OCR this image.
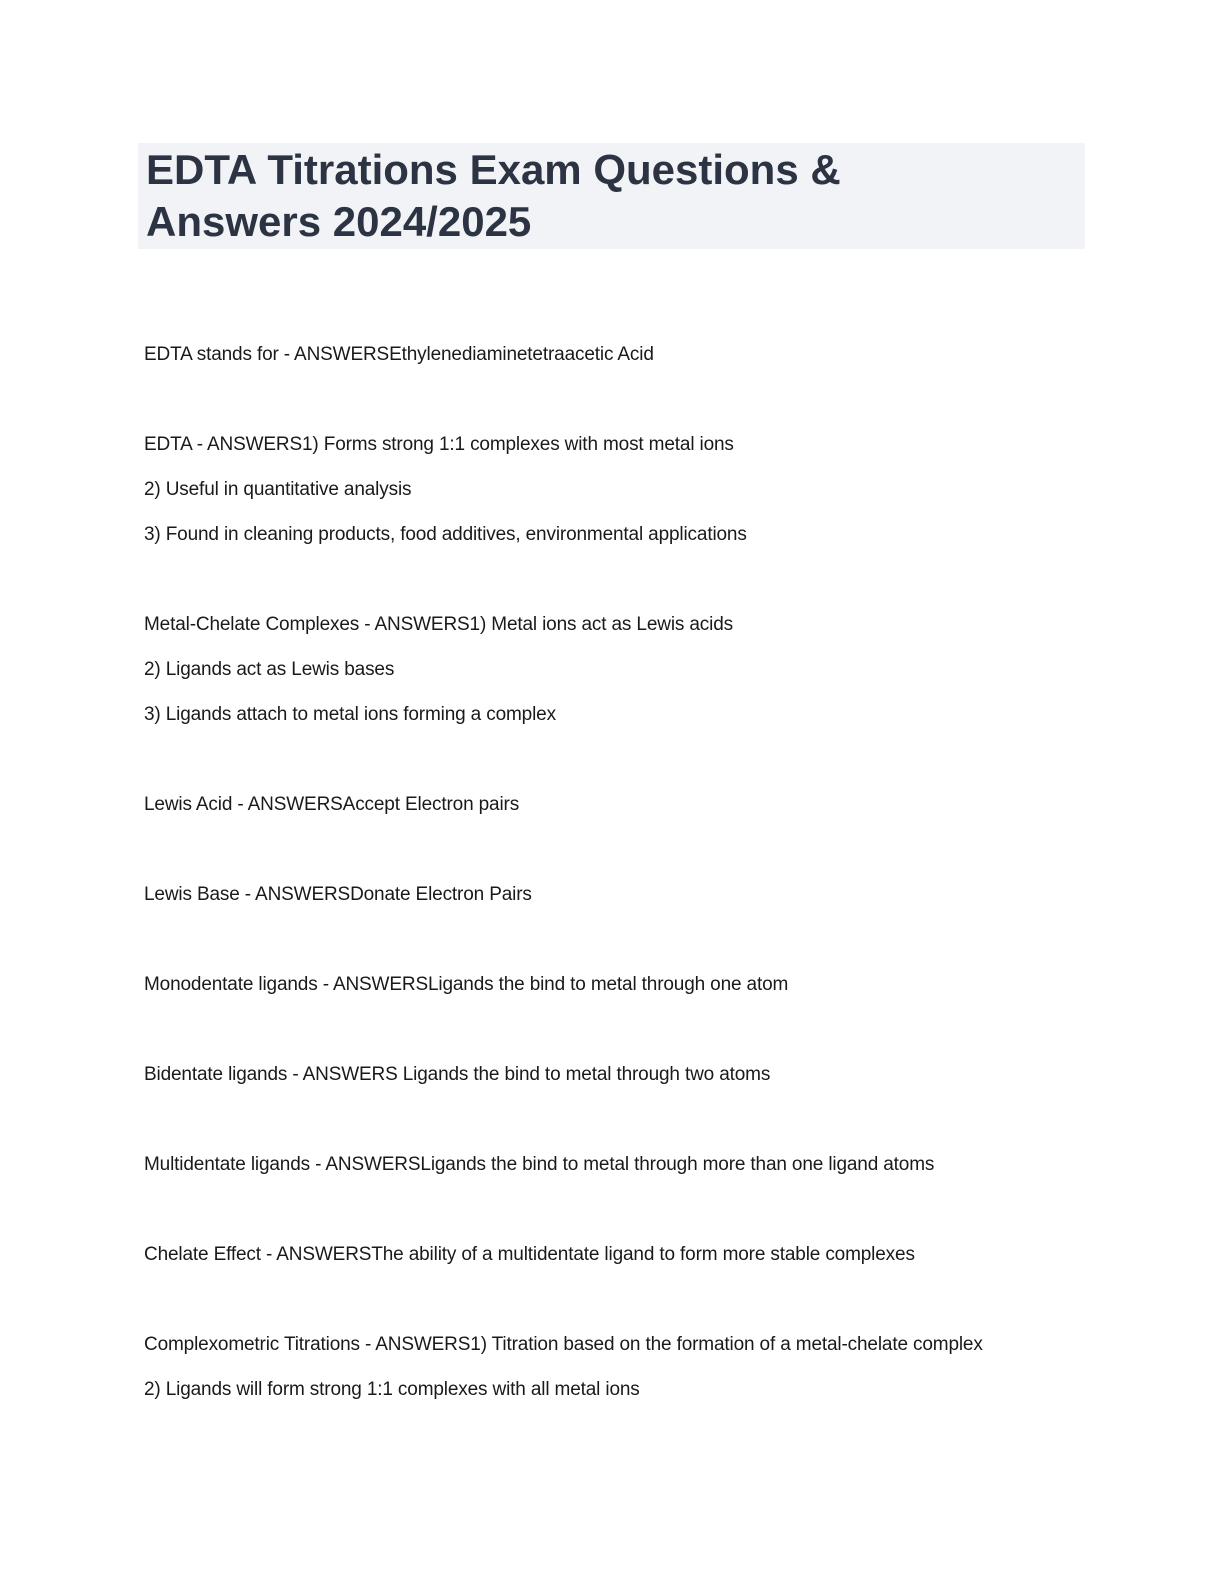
EDTA Titrations Exam Questions & Answers 2024/2025
EDTA stands for - ANSWERSEthylenediaminetetraacetic Acid
EDTA - ANSWERS1) Forms strong 1:1 complexes with most metal ions
2) Useful in quantitative analysis
3) Found in cleaning products, food additives, environmental applications
Metal-Chelate Complexes - ANSWERS1) Metal ions act as Lewis acids
2) Ligands act as Lewis bases
3) Ligands attach to metal ions forming a complex
Lewis Acid - ANSWERSAccept Electron pairs
Lewis Base - ANSWERSDonate Electron Pairs
Monodentate ligands - ANSWERSLigands the bind to metal through one atom
Bidentate ligands - ANSWERS Ligands the bind to metal through two atoms
Multidentate ligands - ANSWERSLigands the bind to metal through more than one ligand atoms
Chelate Effect - ANSWERSThe ability of a multidentate ligand to form more stable complexes
Complexometric Titrations - ANSWERS1) Titration based on the formation of a metal-chelate complex
2) Ligands will form strong 1:1 complexes with all metal ions
